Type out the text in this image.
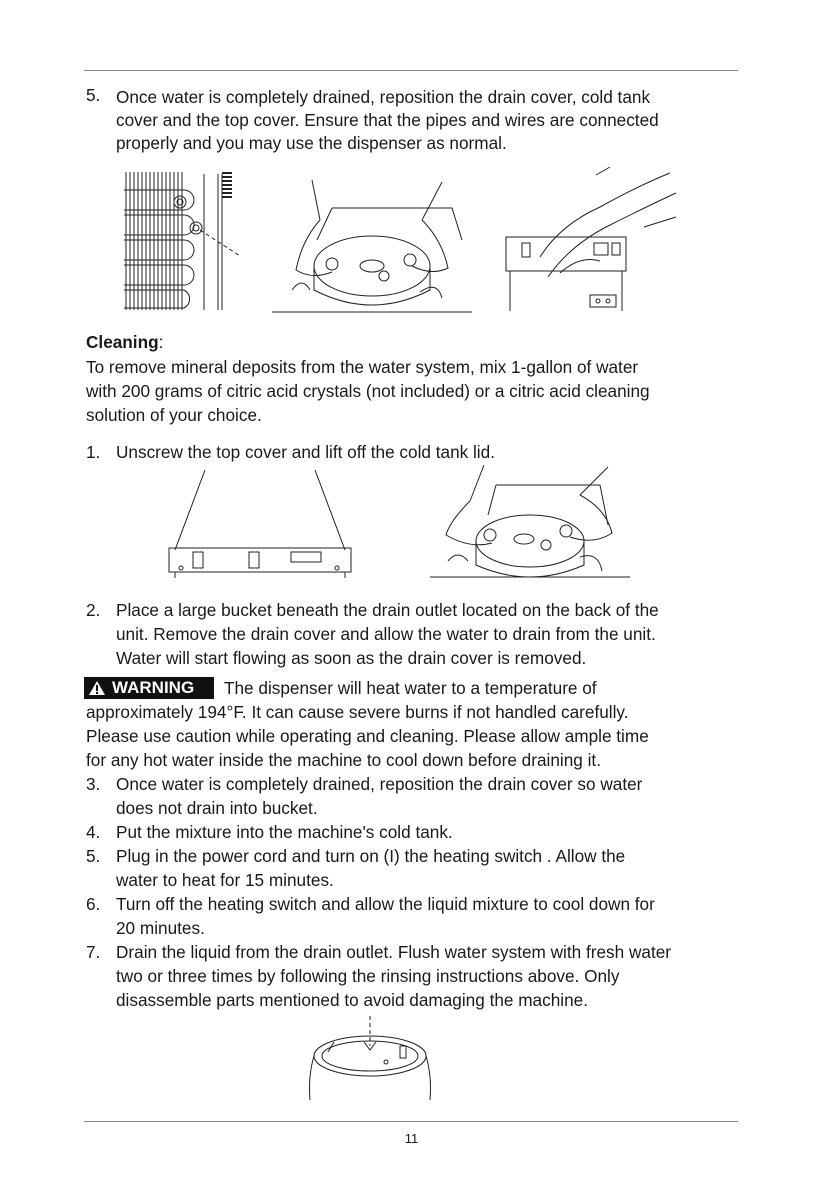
5. Once water is completely drained, reposition the drain cover, cold tank
cover and the top cover. Ensure that the pipes and wires are connected
properly and you may use the dispenser as normal.
Cleaning:
To remove mineral deposits from the water system, mix 1-gallon of water
with 200 grams of citric acid crystals (not included) or a citric acid cleaning
solution of your choice.
1. Unscrew the top cover and lift off the cold tank lid.
2. Place a large bucket beneath the drain outlet located on the back of the
unit. Remove the drain cover and allow the water to drain from the unit.
Water will start flowing as soon as the drain cover is removed.
WARNING The dispenser will heat water to a temperature of
approximately 194°F. It can cause severe burns if not handled carefully.
Please use caution while operating and cleaning. Please allow ample time
for any hot water inside the machine to cool down before draining it.
3. Once water is completely drained, reposition the drain cover so water
does not drain into bucket.
4. Put the mixture into the machine's cold tank.
5. Plug in the power cord and turn on (I) the heating switch . Allow the
water to heat for 15 minutes.
6. Turn off the heating switch and allow the liquid mixture to cool down for
20 minutes.
7. Drain the liquid from the drain outlet. Flush water system with fresh water
two or three times by following the rinsing instructions above. Only
disassemble parts mentioned to avoid damaging the machine.
11
